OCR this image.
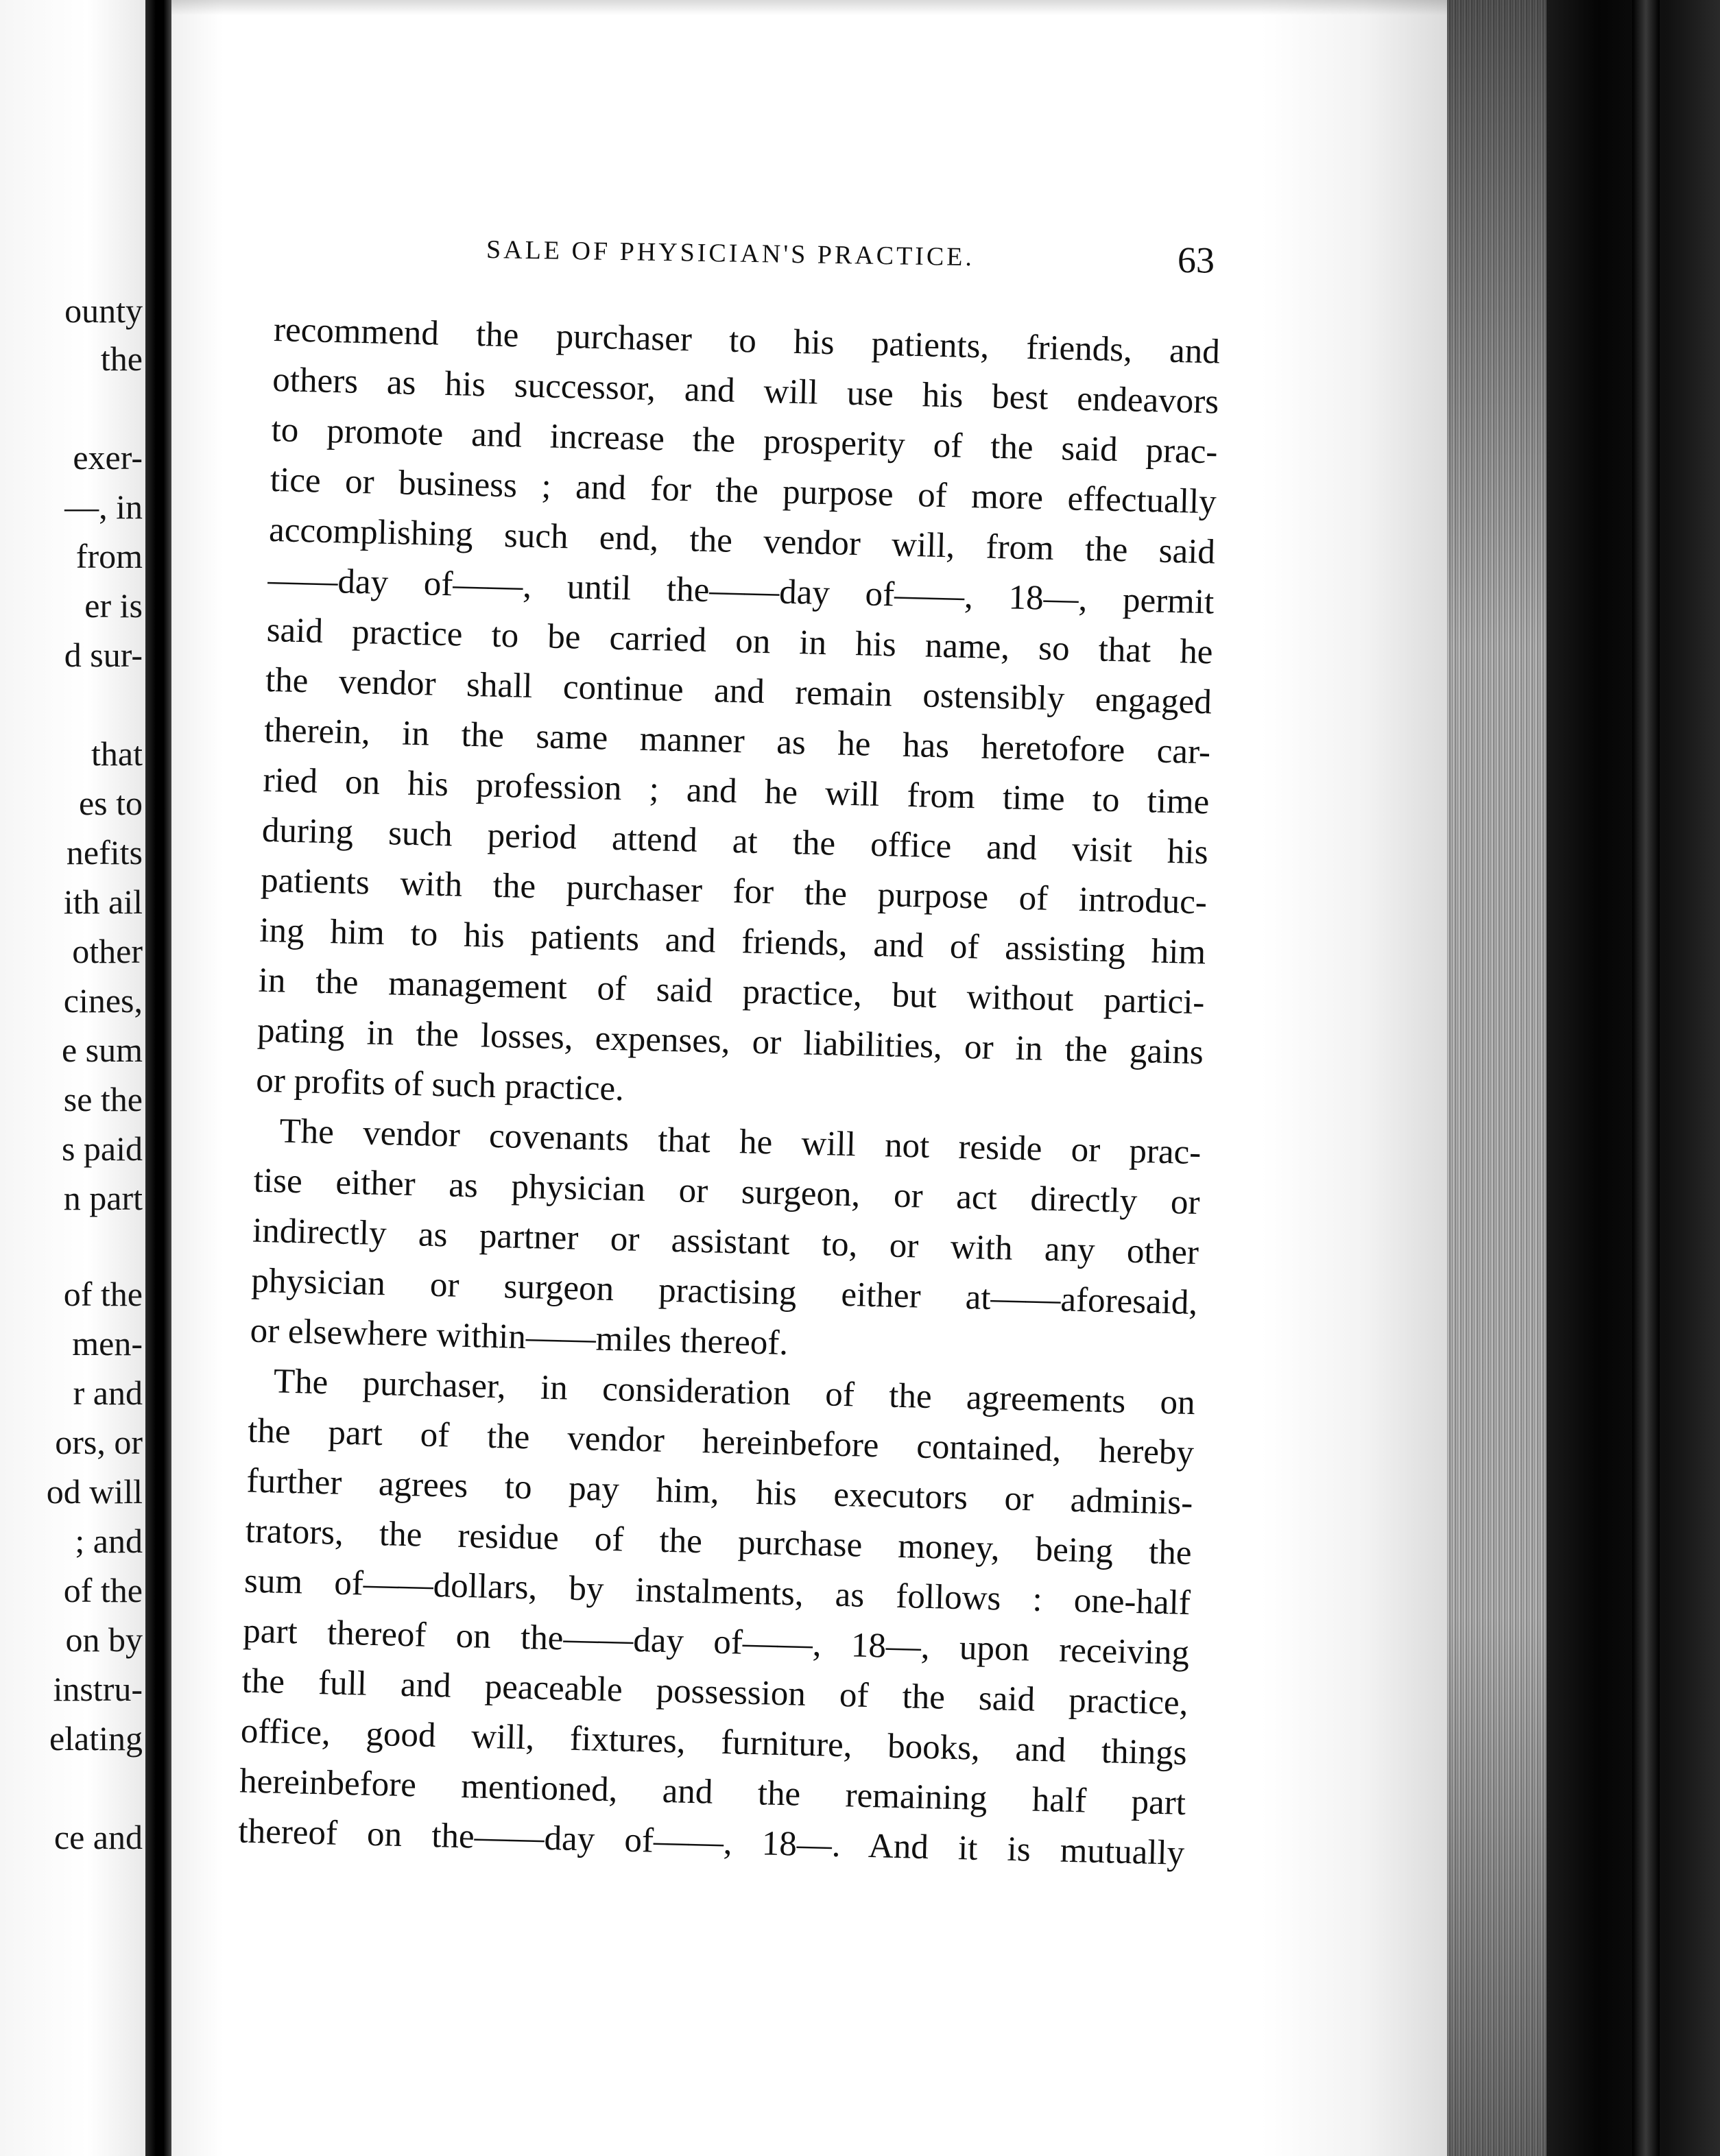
ounty
the
exer-
—, in
from
er is
d sur-
that
es to
nefits
ith ail
other
cines,
e sum
se the
s paid
n part
of the
men-
r and
ors, or
od will
; and
of the
on by
instru-
elating
ce and
SALE OF PHYSICIAN'S PRACTICE.	63
recommend the purchaser to his patients, friends, and
others as his successor, and will use his best endeavors
to promote and increase the prosperity of the said prac-
tice or business ; and for the purpose of more effectually
accomplishing such end, the vendor will, from the said
——day of——, until the——day of——, 18—, permit
said practice to be carried on in his name, so that he
the vendor shall continue and remain ostensibly engaged
therein, in the same manner as he has heretofore car-
ried on his profession ; and he will from time to time
during such period attend at the office and visit his
patients with the purchaser for the purpose of introduc-
ing him to his patients and friends, and of assisting him
in the management of said practice, but without partici-
pating in the losses, expenses, or liabilities, or in the gains
or profits of such practice.
The vendor covenants that he will not reside or prac-
tise either as physician or surgeon, or act directly or
indirectly as partner or assistant to, or with any other
physician or surgeon practising either at——aforesaid,
or elsewhere within——miles thereof.
The purchaser, in consideration of the agreements on
the part of the vendor hereinbefore contained, hereby
further agrees to pay him, his executors or adminis-
trators, the residue of the purchase money, being the
sum of——dollars, by instalments, as follows : one-half
part thereof on the——day of——, 18—, upon receiving
the full and peaceable possession of the said practice,
office, good will, fixtures, furniture, books, and things
hereinbefore mentioned, and the remaining half part
thereof on the——day of——, 18—. And it is mutually
